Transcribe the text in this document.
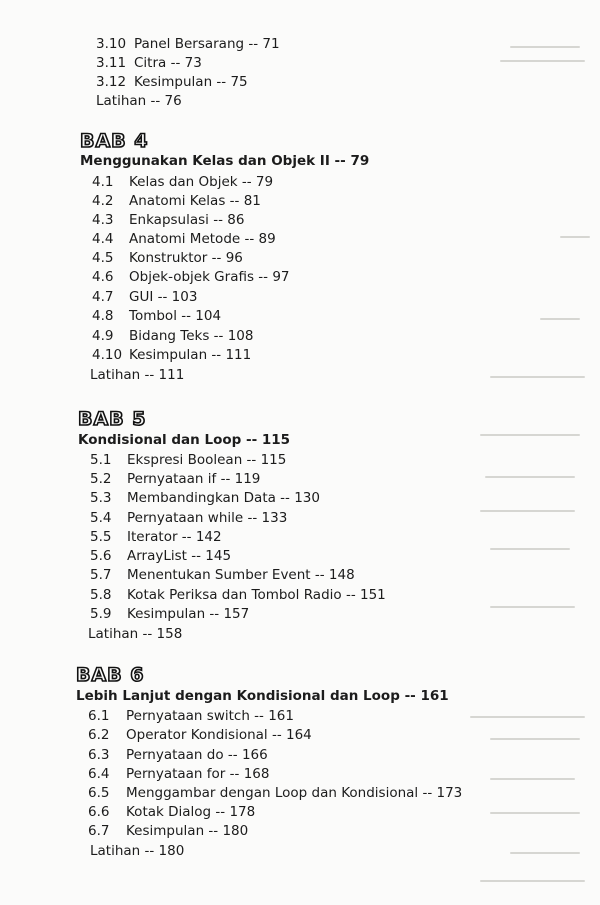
3.10 Panel Bersarang -- 71
3.11 Citra -- 73
3.12 Kesimpulan -- 75
Latihan -- 76
BAB 4
Menggunakan Kelas dan Objek II -- 79
4.1 Kelas dan Objek -- 79
4.2 Anatomi Kelas -- 81
4.3 Enkapsulasi -- 86
4.4 Anatomi Metode -- 89
4.5 Konstruktor -- 96
4.6 Objek-objek Grafis -- 97
4.7 GUI -- 103
4.8 Tombol -- 104
4.9 Bidang Teks -- 108
4.10 Kesimpulan -- 111
Latihan -- 111
BAB 5
Kondisional dan Loop -- 115
5.1 Ekspresi Boolean -- 115
5.2 Pernyataan if -- 119
5.3 Membandingkan Data -- 130
5.4 Pernyataan while -- 133
5.5 Iterator -- 142
5.6 ArrayList -- 145
5.7 Menentukan Sumber Event -- 148
5.8 Kotak Periksa dan Tombol Radio -- 151
5.9 Kesimpulan -- 157
Latihan -- 158
BAB 6
Lebih Lanjut dengan Kondisional dan Loop -- 161
6.1 Pernyataan switch -- 161
6.2 Operator Kondisional -- 164
6.3 Pernyataan do -- 166
6.4 Pernyataan for -- 168
6.5 Menggambar dengan Loop dan Kondisional -- 173
6.6 Kotak Dialog -- 178
6.7 Kesimpulan -- 180
Latihan -- 180
